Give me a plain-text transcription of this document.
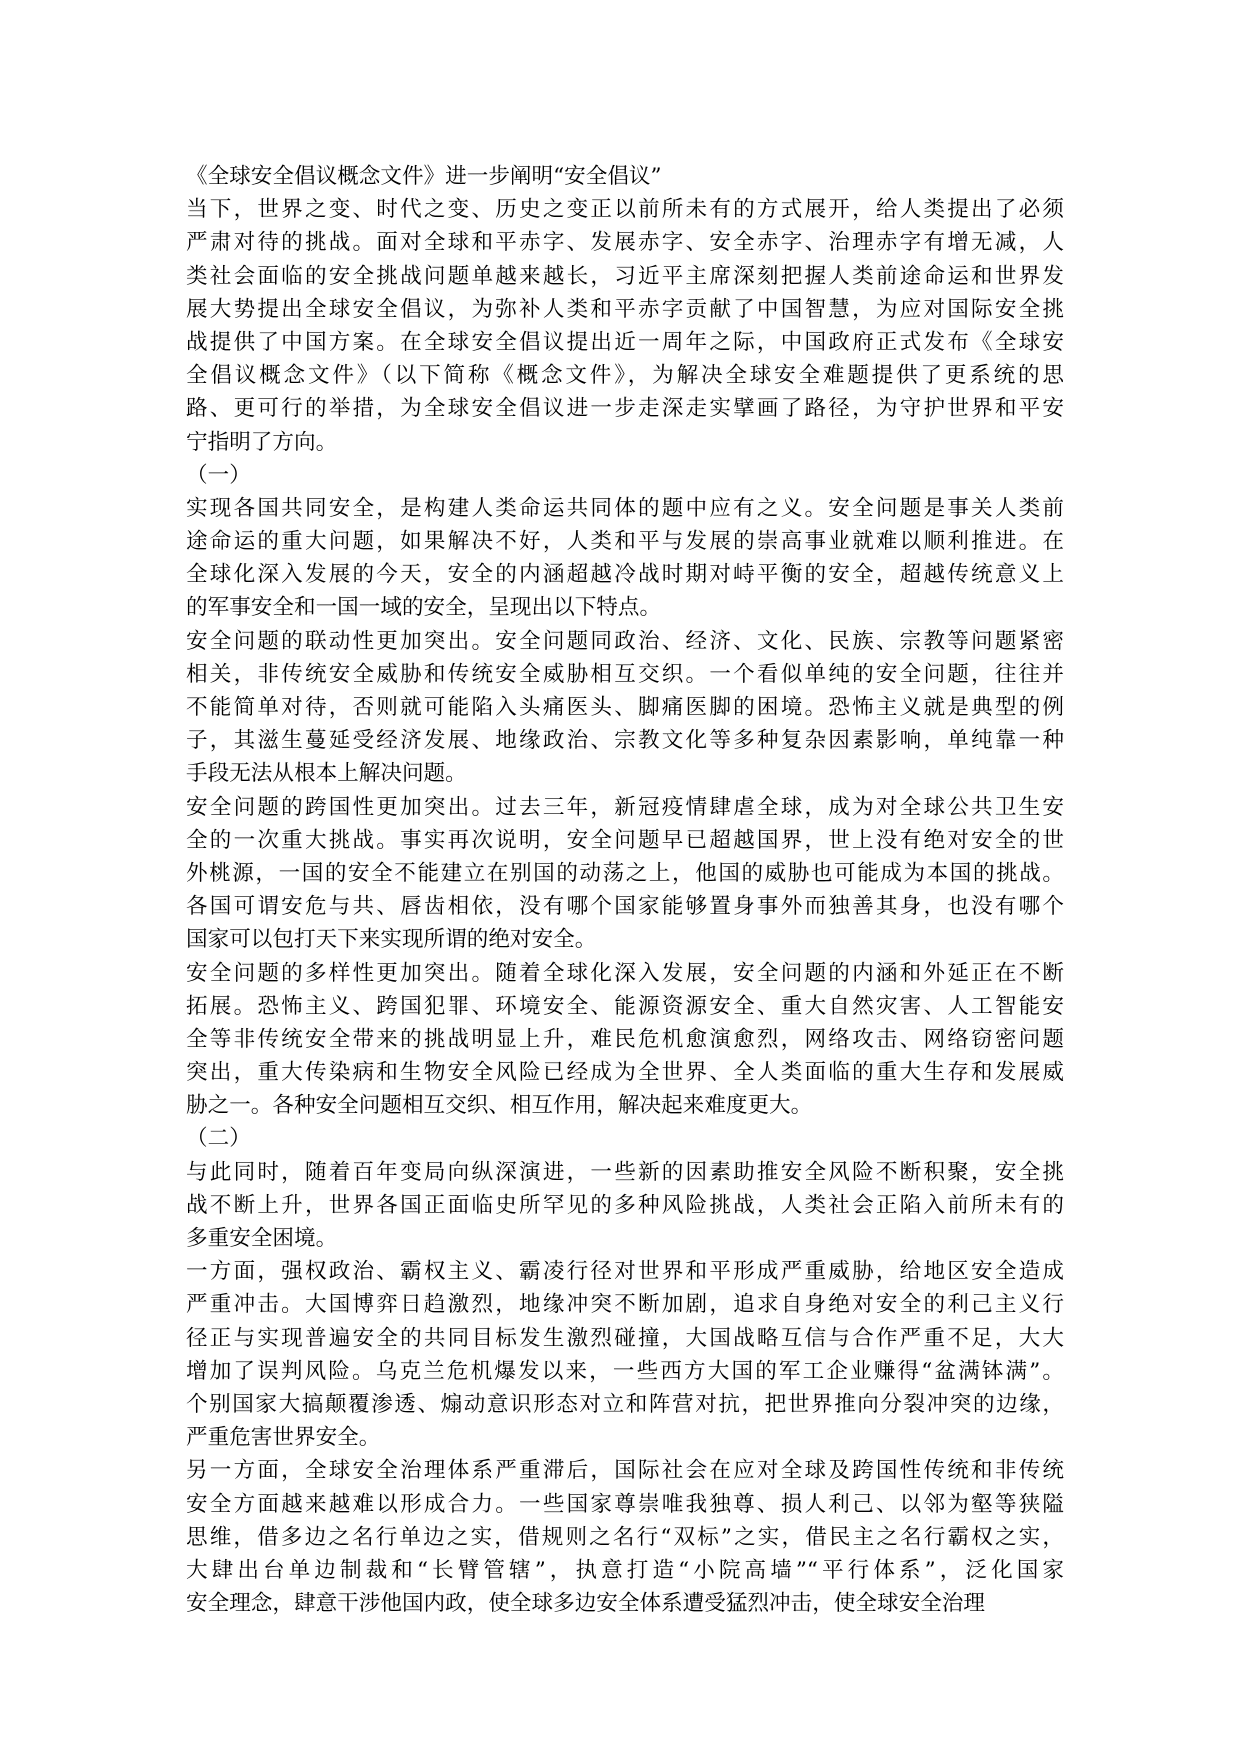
《全球安全倡议概念文件》进一步阐明“安全倡议”
当下，世界之变、时代之变、历史之变正以前所未有的方式展开，给人类提出了必须
严肃对待的挑战。面对全球和平赤字、发展赤字、安全赤字、治理赤字有增无减，人
类社会面临的安全挑战问题单越来越长，习近平主席深刻把握人类前途命运和世界发
展大势提出全球安全倡议，为弥补人类和平赤字贡献了中国智慧，为应对国际安全挑
战提供了中国方案。在全球安全倡议提出近一周年之际，中国政府正式发布《全球安
全倡议概念文件》（以下简称《概念文件》，为解决全球安全难题提供了更系统的思
路、更可行的举措，为全球安全倡议进一步走深走实擘画了路径，为守护世界和平安
宁指明了方向。
（一）
实现各国共同安全，是构建人类命运共同体的题中应有之义。安全问题是事关人类前
途命运的重大问题，如果解决不好，人类和平与发展的崇高事业就难以顺利推进。在
全球化深入发展的今天，安全的内涵超越冷战时期对峙平衡的安全，超越传统意义上
的军事安全和一国一域的安全，呈现出以下特点。
安全问题的联动性更加突出。安全问题同政治、经济、文化、民族、宗教等问题紧密
相关，非传统安全威胁和传统安全威胁相互交织。一个看似单纯的安全问题，往往并
不能简单对待，否则就可能陷入头痛医头、脚痛医脚的困境。恐怖主义就是典型的例
子，其滋生蔓延受经济发展、地缘政治、宗教文化等多种复杂因素影响，单纯靠一种
手段无法从根本上解决问题。
安全问题的跨国性更加突出。过去三年，新冠疫情肆虐全球，成为对全球公共卫生安
全的一次重大挑战。事实再次说明，安全问题早已超越国界，世上没有绝对安全的世
外桃源，一国的安全不能建立在别国的动荡之上，他国的威胁也可能成为本国的挑战。
各国可谓安危与共、唇齿相依，没有哪个国家能够置身事外而独善其身，也没有哪个
国家可以包打天下来实现所谓的绝对安全。
安全问题的多样性更加突出。随着全球化深入发展，安全问题的内涵和外延正在不断
拓展。恐怖主义、跨国犯罪、环境安全、能源资源安全、重大自然灾害、人工智能安
全等非传统安全带来的挑战明显上升，难民危机愈演愈烈，网络攻击、网络窃密问题
突出，重大传染病和生物安全风险已经成为全世界、全人类面临的重大生存和发展威
胁之一。各种安全问题相互交织、相互作用，解决起来难度更大。
（二）
与此同时，随着百年变局向纵深演进，一些新的因素助推安全风险不断积聚，安全挑
战不断上升，世界各国正面临史所罕见的多种风险挑战，人类社会正陷入前所未有的
多重安全困境。
一方面，强权政治、霸权主义、霸凌行径对世界和平形成严重威胁，给地区安全造成
严重冲击。大国博弈日趋激烈，地缘冲突不断加剧，追求自身绝对安全的利己主义行
径正与实现普遍安全的共同目标发生激烈碰撞，大国战略互信与合作严重不足，大大
增加了误判风险。乌克兰危机爆发以来，一些西方大国的军工企业赚得“盆满钵满”。
个别国家大搞颠覆渗透、煽动意识形态对立和阵营对抗，把世界推向分裂冲突的边缘，
严重危害世界安全。
另一方面，全球安全治理体系严重滞后，国际社会在应对全球及跨国性传统和非传统
安全方面越来越难以形成合力。一些国家尊崇唯我独尊、损人利己、以邻为壑等狭隘
思维，借多边之名行单边之实，借规则之名行“双标”之实，借民主之名行霸权之实，
大肆出台单边制裁和“长臂管辖”，执意打造“小院高墙”“平行体系”，泛化国家
安全理念，肆意干涉他国内政，使全球多边安全体系遭受猛烈冲击，使全球安全治理
